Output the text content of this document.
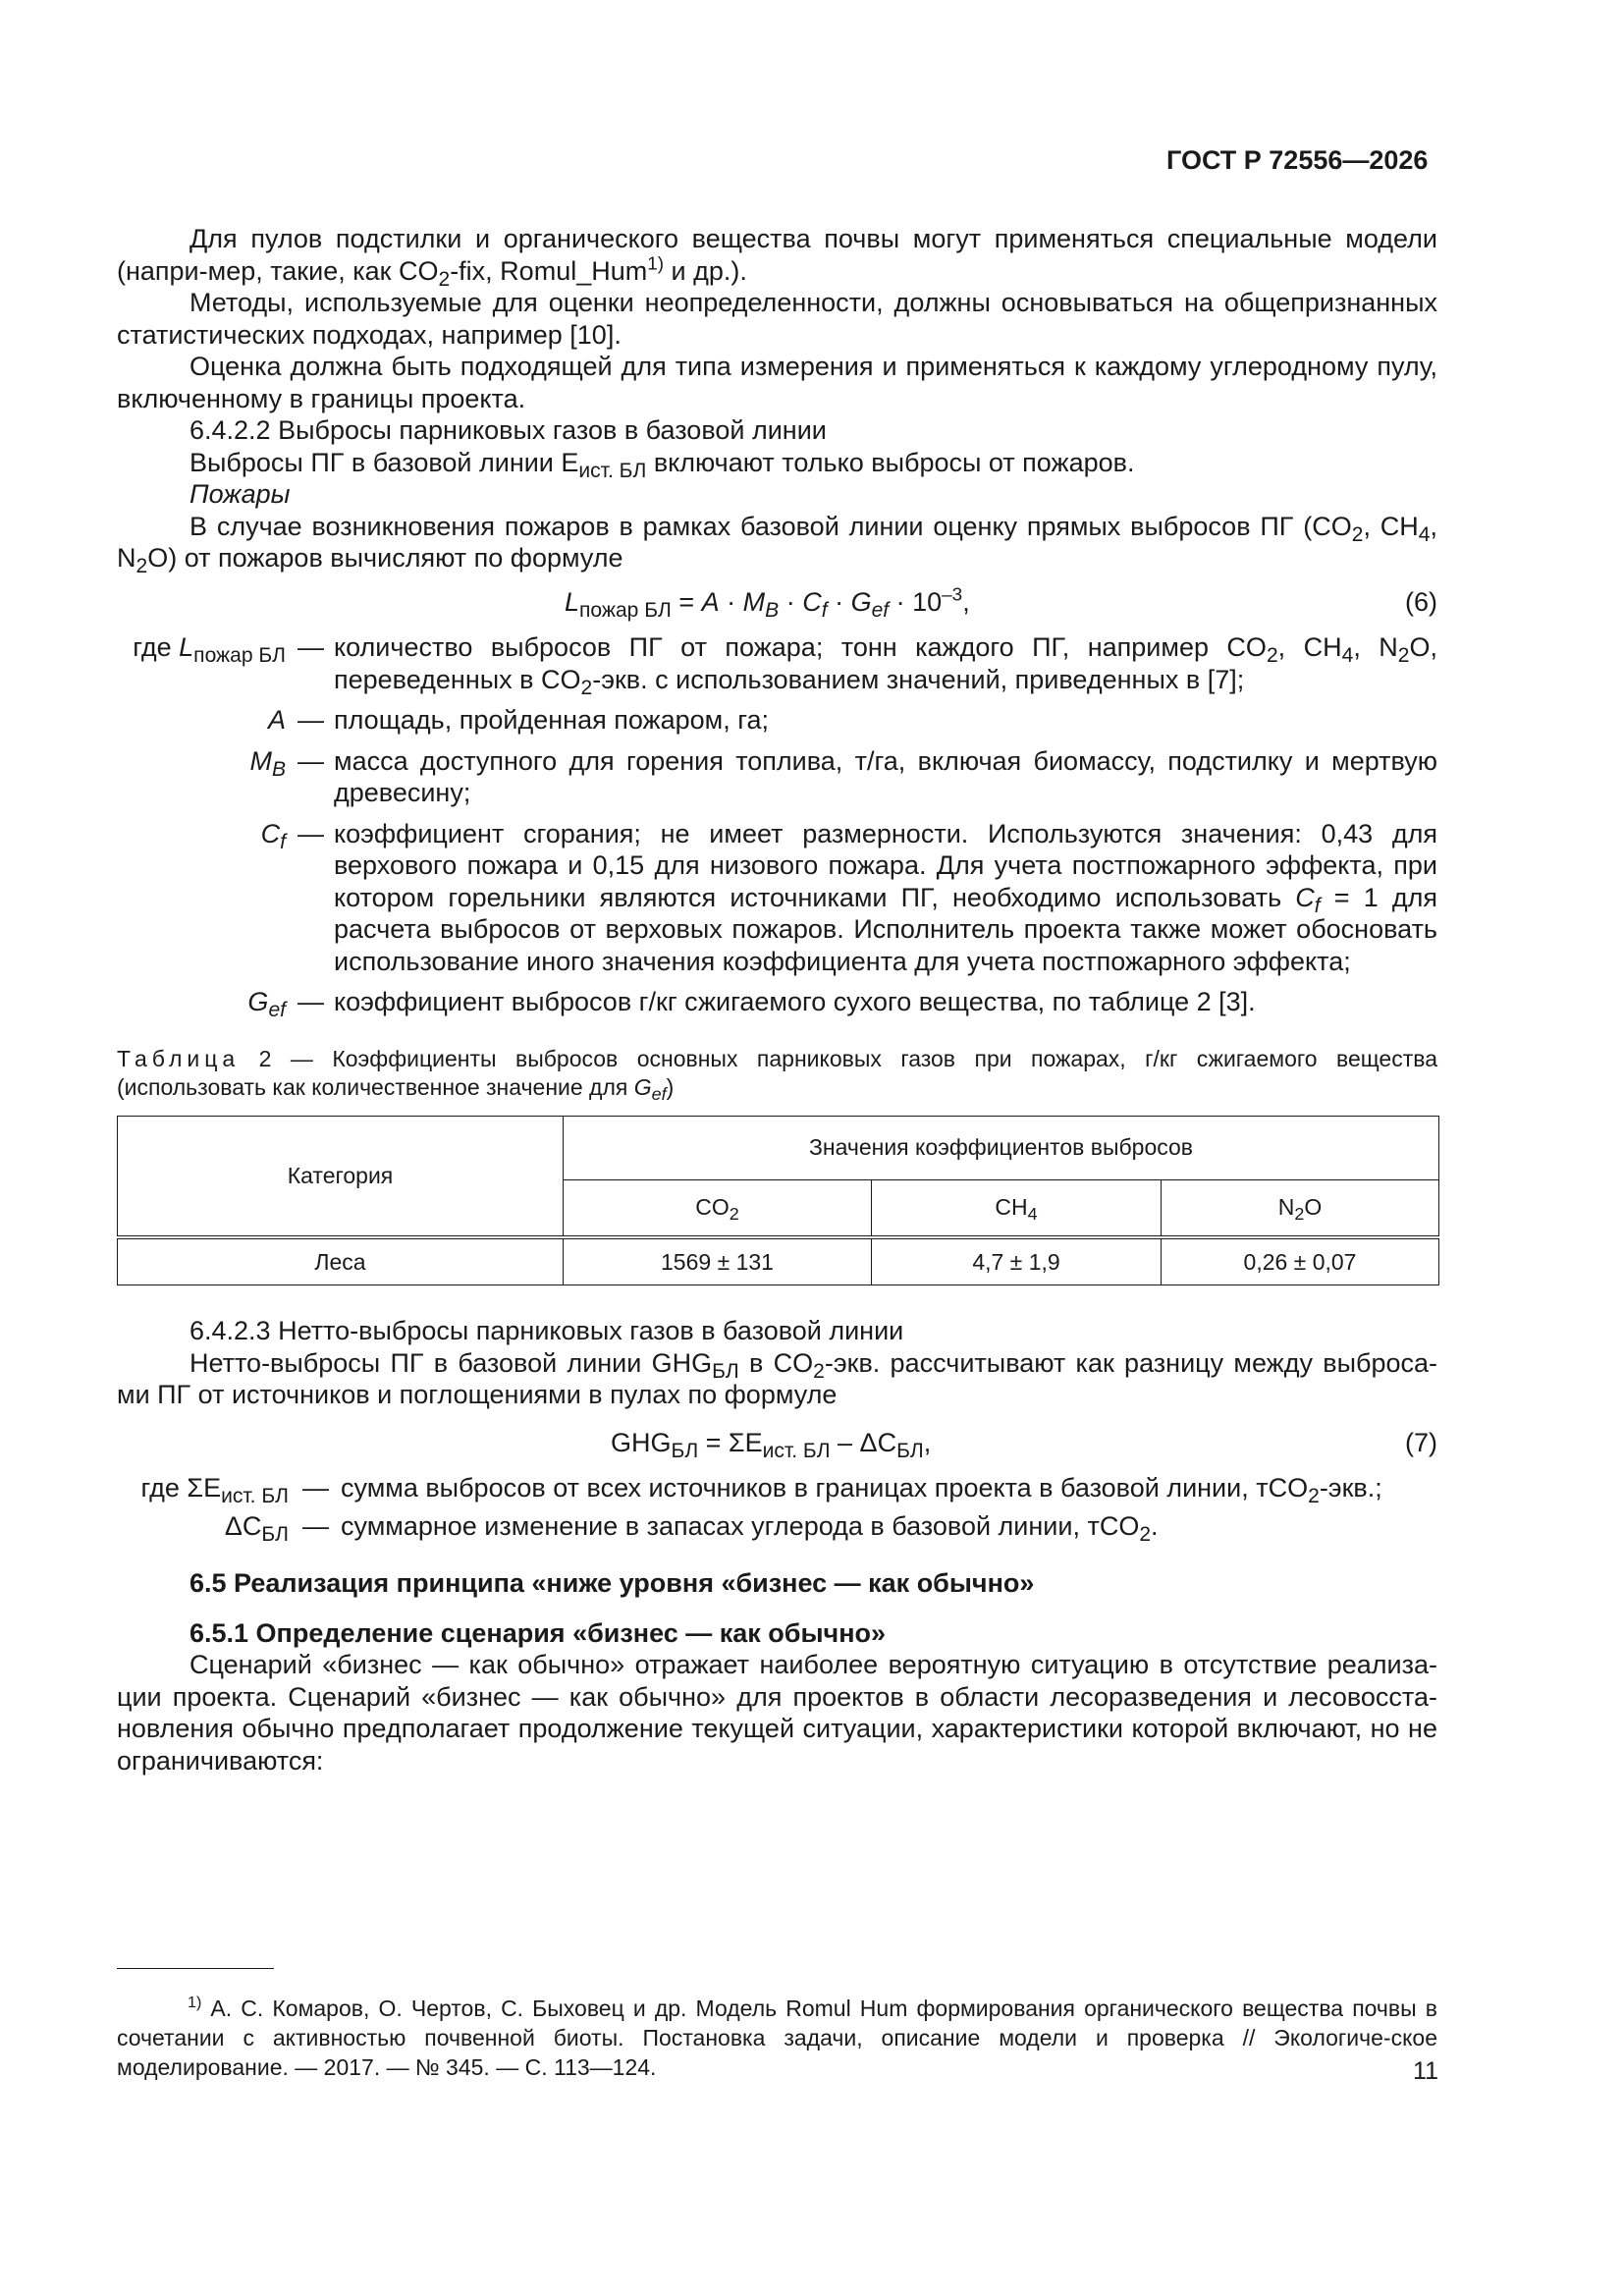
ГОСТ Р 72556—2026

Для пулов подстилки и органического вещества почвы могут применяться специальные модели (напри-мер, такие, как $CO_2$-fix, Romul_Hum$^{1)}$ и др.).

Методы, используемые для оценки неопределенности, должны основываться на общепризнанных статистических подходах, например [10].

Оценка должна быть подходящей для типа измерения и применяться к каждому углеродному пулу, включенному в границы проекта.

6.4.2.2 Выбросы парниковых газов в базовой линии

Выбросы ПГ в базовой линии $E_{ист. БЛ}$ включают только выбросы от пожаров.

Пожары

В случае возникновения пожаров в рамках базовой линии оценку прямых выбросов ПГ ($CO_2$, $CH_4$, $N_2O$) от пожаров вычисляют по формуле

$L_{пожар БЛ} = A \cdot M_B \cdot C_f \cdot G_{ef} \cdot 10^{-3}$,	(6)
где $L_{пожар БЛ}$ — количество выбросов ПГ от пожара; тонн каждого ПГ, например $CO_2$, $CH_4$, $N_2O$, переведенных в $CO_2$-экв. с использованием значений, приведенных в [7];
A — площадь, пройденная пожаром, га;
$M_B$ — масса доступного для горения топлива, т/га, включая биомассу, подстилку и мертвую древесину;
$C_f$ — коэффициент сгорания; не имеет размерности. Используются значения: 0,43 для верхового пожара и 0,15 для низового пожара. Для учета постпожарного эффекта, при котором горельники являются источниками ПГ, необходимо использовать $C_f = 1$ для расчета выбросов от верховых пожаров. Исполнитель проекта также может обосновать использование иного значения коэффициента для учета постпожарного эффекта;
$G_{ef}$ — коэффициент выбросов г/кг сжигаемого сухого вещества, по таблице 2 [3].
Таблица 2 — Коэффициенты выбросов основных парниковых газов при пожарах, г/кг сжигаемого вещества (использовать как количественное значение для $G_{ef}$)
Категория	Значения коэффициентов выбросов		
	$CO_2$	$CH_4$	$N_2O$
Леса	1569 ± 131	4,7 ± 1,9	0,26 ± 0,07

6.4.2.3 Нетто-выбросы парниковых газов в базовой линии

Нетто-выбросы ПГ в базовой линии $GHG_{БЛ}$ в $CO_2$-экв. рассчитывают как разницу между выброса-ми ПГ от источников и поглощениями в пулах по формуле

$GHG_{БЛ} = \Sigma E_{ист. БЛ} - \Delta C_{БЛ}$,	(7)
где $\Sigma E_{ист. БЛ}$ — сумма выбросов от всех источников в границах проекта в базовой линии, тCO$_2$-экв.;
$\Delta C_{БЛ}$ — суммарное изменение в запасах углерода в базовой линии, тCO$_2$.

6.5 Реализация принципа «ниже уровня «бизнес — как обычно»

6.5.1 Определение сценария «бизнес — как обычно»

Сценарий «бизнес — как обычно» отражает наиболее вероятную ситуацию в отсутствие реализа-ции проекта. Сценарий «бизнес — как обычно» для проектов в области лесоразведения и лесовосста-новления обычно предполагает продолжение текущей ситуации, характеристики которой включают, но не ограничиваются:

$^{1)}$ А. С. Комаров, О. Чертов, С. Быховец и др. Модель Romul Hum формирования органического вещества почвы в сочетании с активностью почвенной биоты. Постановка задачи, описание модели и проверка // Экологиче-ское моделирование. — 2017. — № 345. — С. 113—124.	11
